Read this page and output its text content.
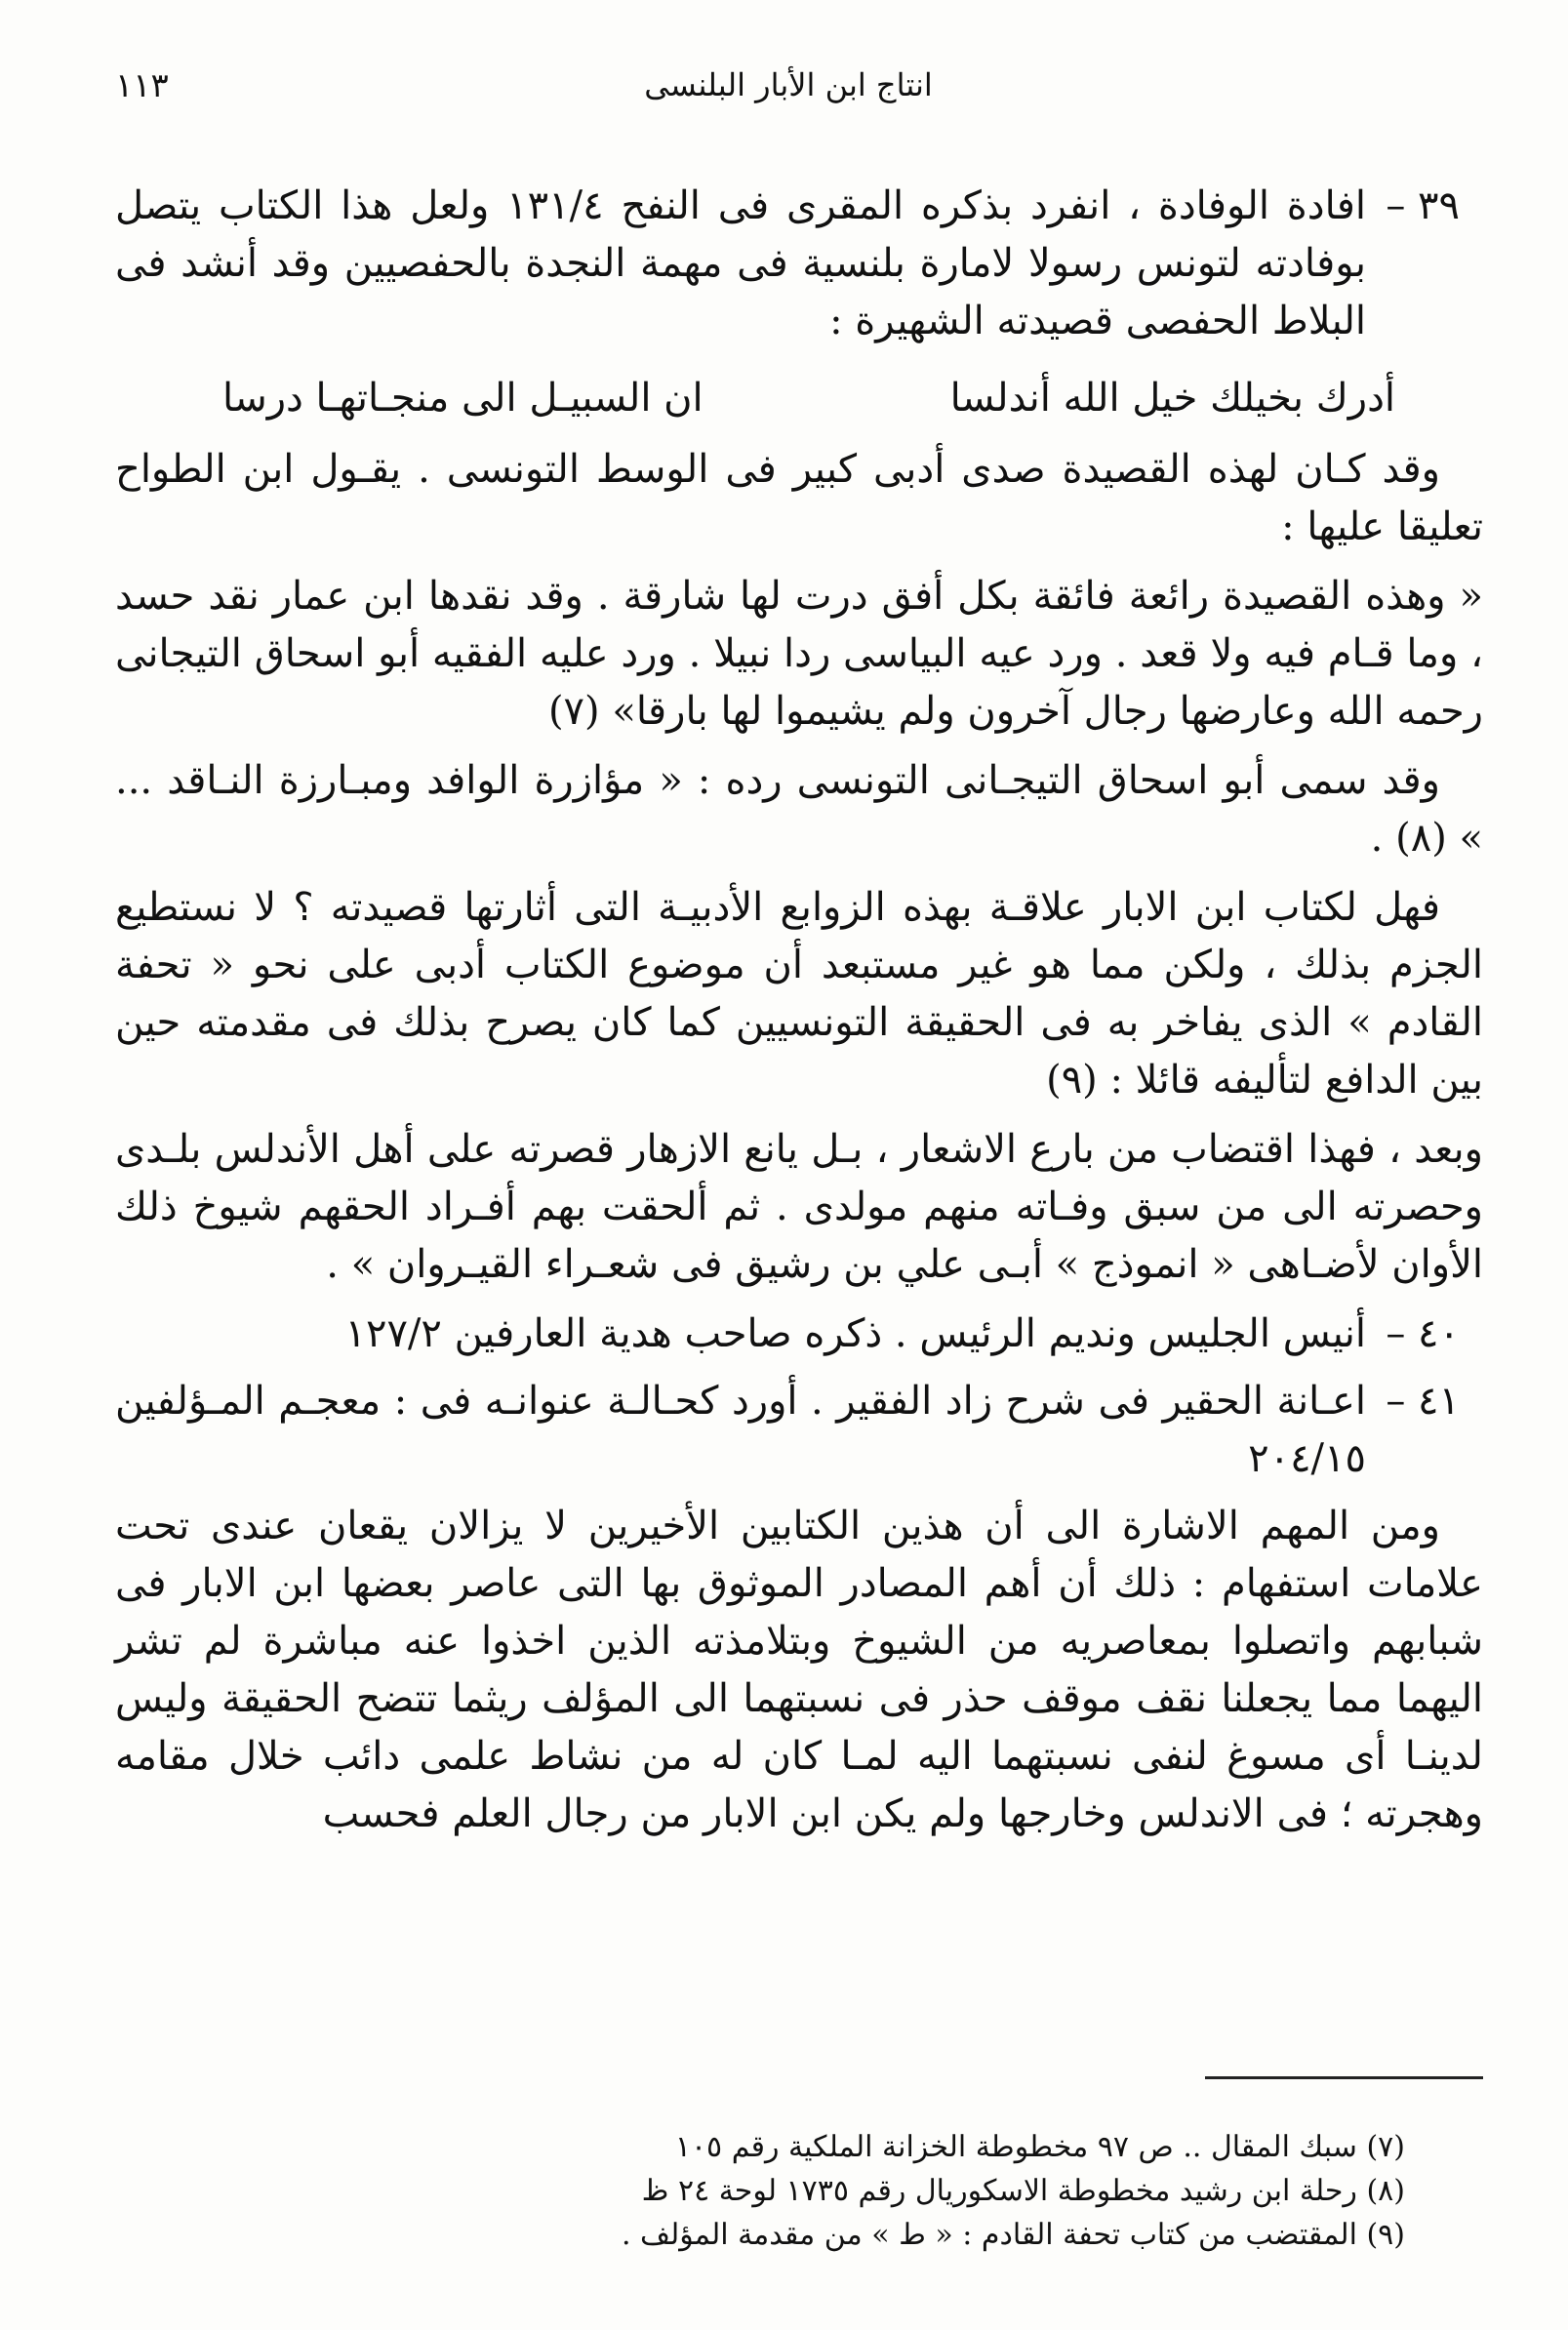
انتاج ابن الأبار البلنسى
١١٣
٣٩ –
افادة الوفادة ، انفرد بذكره المقرى فى النفح ١٣١/٤ ولعل هذا الكتاب يتصل بوفادته لتونس رسولا لامارة بلنسية فى مهمة النجدة بالحفصيين وقد أنشد فى البلاط الحفصى قصيدته الشهيرة :
أدرك بخيلك خيل الله أندلسا
ان السبيـل الى منجـاتهـا درسا

وقد كـان لهذه القصيدة صدى أدبى كبير فى الوسط التونسى . يقـول ابن الطواح تعليقا عليها :

« وهذه القصيدة رائعة فائقة بكل أفق درت لها شارقة . وقد نقدها ابن عمار نقد حسد ، وما قـام فيه ولا قعد . ورد عيه البياسى ردا نبيلا . ورد عليه الفقيه أبو اسحاق التيجانى رحمه الله وعارضها رجال آخرون ولم يشيموا لها بارقا» (٧)

وقد سمى أبو اسحاق التيجـانى التونسى رده : « مؤازرة الوافد ومبـارزة النـاقد ... » (٨) .

فهل لكتاب ابن الابار علاقـة بهذه الزوابع الأدبيـة التى أثارتها قصيدته ؟ لا نستطيع الجزم بذلك ، ولكن مما هو غير مستبعد أن موضوع الكتاب أدبى على نحو « تحفة القادم » الذى يفاخر به فى الحقيقة التونسيين كما كان يصرح بذلك فى مقدمته حين بين الدافع لتأليفه قائلا : (٩)

وبعد ، فهذا اقتضاب من بارع الاشعار ، بـل يانع الازهار قصرته على أهل الأندلس بلـدى وحصرته الى من سبق وفـاته منهم مولدى . ثم ألحقت بهم أفـراد الحقهم شيوخ ذلك الأوان لأضـاهى « انموذج » أبـى علي بن رشيق فى شعـراء القيـروان » .

٤٠ –
أنيس الجليس ونديم الرئيس . ذكره صاحب هدية العارفين ١٢٧/٢
٤١ –
اعـانة الحقير فى شرح زاد الفقير . أورد كحـالـة عنوانـه فى : معجـم المـؤلفين ٢٠٤/١٥

ومن المهم الاشارة الى أن هذين الكتابين الأخيرين لا يزالان يقعان عندى تحت علامات استفهام : ذلك أن أهم المصادر الموثوق بها التى عاصر بعضها ابن الابار فى شبابهم واتصلوا بمعاصريه من الشيوخ وبتلامذته الذين اخذوا عنه مباشرة لم تشر اليهما مما يجعلنا نقف موقف حذر فى نسبتهما الى المؤلف ريثما تتضح الحقيقة وليس لدينـا أى مسوغ لنفى نسبتهما اليه لمـا كان له من نشاط علمى دائب خلال مقامه وهجرته ؛ فى الاندلس وخارجها ولم يكن ابن الابار من رجال العلم فحسب

(٧) سبك المقال .. ص ٩٧ مخطوطة الخزانة الملكية رقم ١٠٥
(٨) رحلة ابن رشيد مخطوطة الاسكوريال رقم ١٧٣٥ لوحة ٢٤ ظ
(٩) المقتضب من كتاب تحفة القادم : « ط » من مقدمة المؤلف .
